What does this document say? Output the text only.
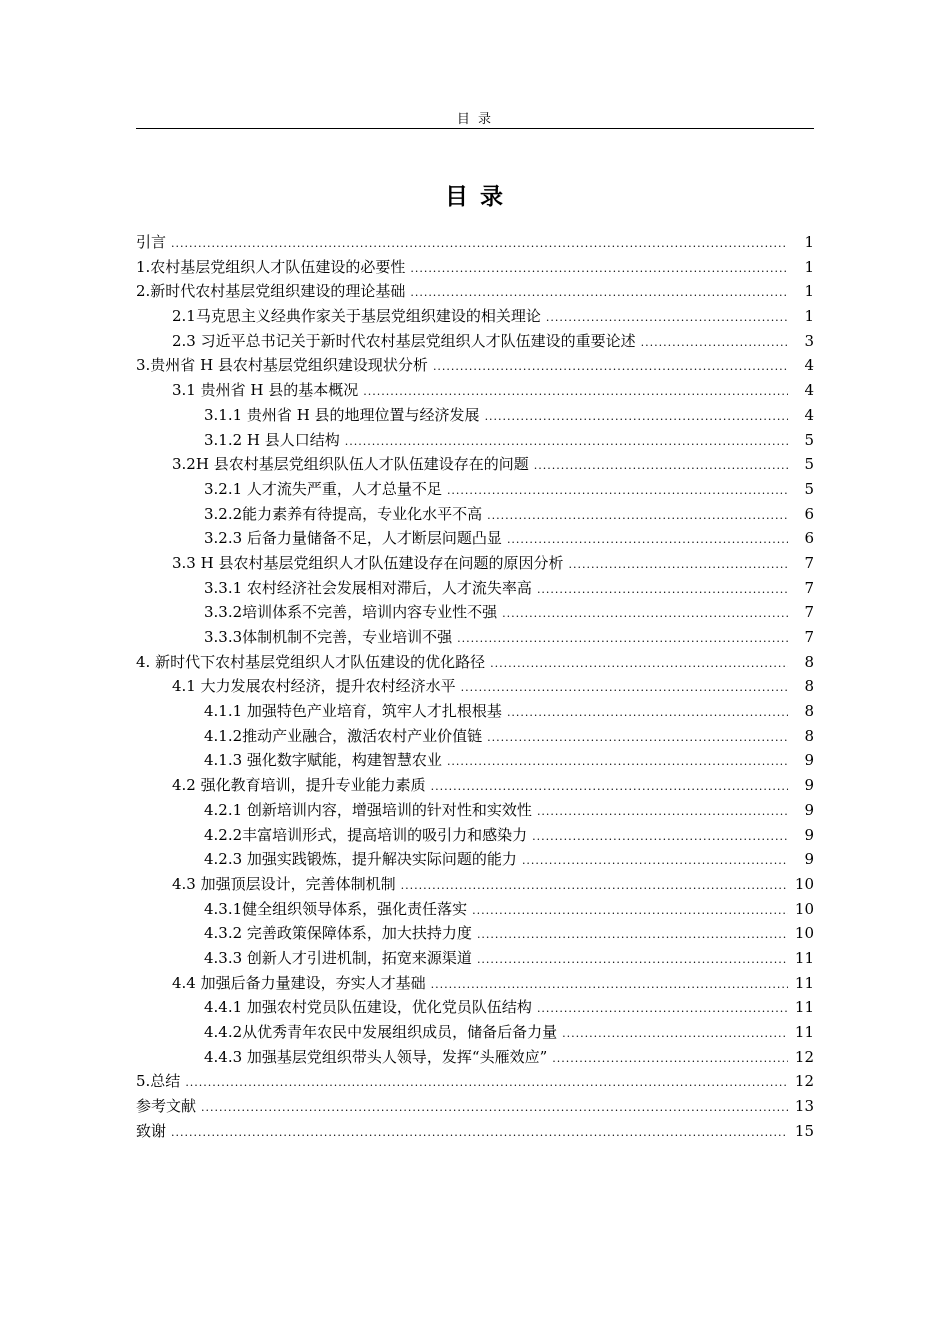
目 录
目 录
引言 .....	1
1.农村基层党组织人才队伍建设的必要性 .....	1
2.新时代农村基层党组织建设的理论基础 .....	1
2.1马克思主义经典作家关于基层党组织建设的相关理论 .....	1
2.3 习近平总书记关于新时代农村基层党组织人才队伍建设的重要论述 .....	3
3.贵州省 H 县农村基层党组织建设现状分析 .....	4
3.1 贵州省 H 县的基本概况 .....	4
3.1.1 贵州省 H 县的地理位置与经济发展 .....	4
3.1.2 H 县人口结构 .....	5
3.2H 县农村基层党组织队伍人才队伍建设存在的问题 .....	5
3.2.1 人才流失严重，人才总量不足 .....	5
3.2.2能力素养有待提高，专业化水平不高 .....	6
3.2.3 后备力量储备不足，人才断层问题凸显 .....	6
3.3 H 县农村基层党组织人才队伍建设存在问题的原因分析 .....	7
3.3.1 农村经济社会发展相对滞后，人才流失率高 .....	7
3.3.2培训体系不完善，培训内容专业性不强 .....	7
3.3.3体制机制不完善，专业培训不强 .....	7
4. 新时代下农村基层党组织人才队伍建设的优化路径 .....	8
4.1 大力发展农村经济，提升农村经济水平 .....	8
4.1.1 加强特色产业培育，筑牢人才扎根根基 .....	8
4.1.2推动产业融合，激活农村产业价值链 .....	8
4.1.3 强化数字赋能，构建智慧农业 .....	9
4.2 强化教育培训，提升专业能力素质 .....	9
4.2.1 创新培训内容，增强培训的针对性和实效性 .....	9
4.2.2丰富培训形式，提高培训的吸引力和感染力 .....	9
4.2.3 加强实践锻炼，提升解决实际问题的能力 .....	9
4.3 加强顶层设计，完善体制机制 .....	10
4.3.1健全组织领导体系，强化责任落实 .....	10
4.3.2 完善政策保障体系，加大扶持力度 .....	10
4.3.3 创新人才引进机制，拓宽来源渠道 .....	11
4.4 加强后备力量建设，夯实人才基础 .....	11
4.4.1 加强农村党员队伍建设，优化党员队伍结构 .....	11
4.4.2从优秀青年农民中发展组织成员，储备后备力量 .....	11
4.4.3 加强基层党组织带头人领导，发挥“头雁效应” .....	12
5.总结 .....	12
参考文献 .....	13
致谢 .....	15
